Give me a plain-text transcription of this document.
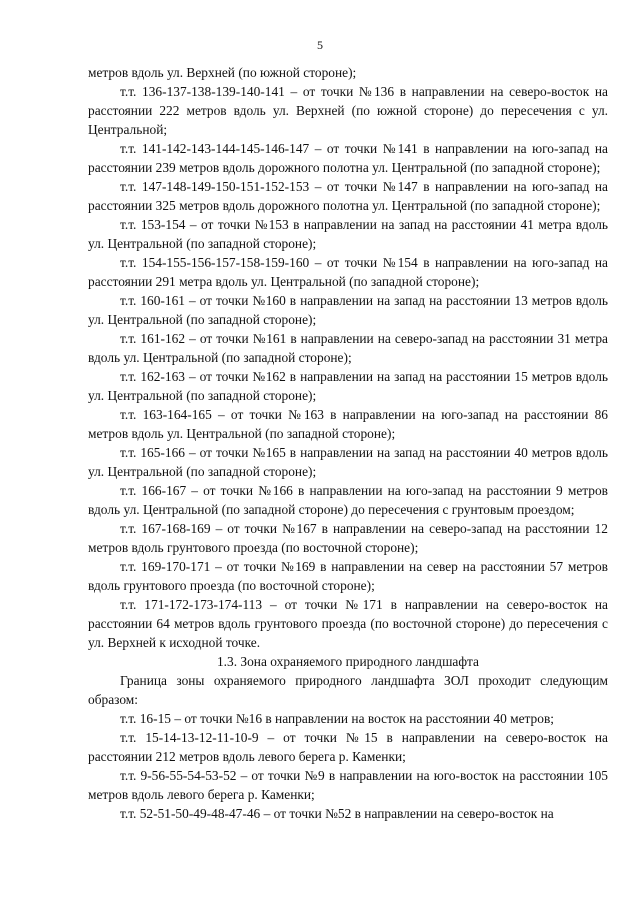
5

метров вдоль ул. Верхней (по южной стороне);

т.т. 136-137-138-139-140-141 – от точки №136 в направлении на северо-восток на расстоянии 222 метров вдоль ул. Верхней (по южной стороне) до пересечения с ул. Центральной;

т.т. 141-142-143-144-145-146-147 – от точки №141 в направлении на юго-запад на расстоянии 239 метров вдоль дорожного полотна ул. Центральной (по западной стороне);

т.т. 147-148-149-150-151-152-153 – от точки №147 в направлении на юго-запад на расстоянии 325 метров вдоль дорожного полотна ул. Центральной (по западной стороне);

т.т. 153-154 – от точки №153 в направлении на запад на расстоянии 41 метра вдоль ул. Центральной (по западной стороне);

т.т. 154-155-156-157-158-159-160 – от точки №154 в направлении на юго-запад на расстоянии 291 метра вдоль ул. Центральной (по западной стороне);

т.т. 160-161 – от точки №160 в направлении на запад на расстоянии 13 метров вдоль ул. Центральной (по западной стороне);

т.т. 161-162 – от точки №161 в направлении на северо-запад на расстоянии 31 метра вдоль ул. Центральной (по западной стороне);

т.т. 162-163 – от точки №162 в направлении на запад на расстоянии 15 метров вдоль ул. Центральной (по западной стороне);

т.т. 163-164-165 – от точки №163 в направлении на юго-запад на расстоянии 86 метров вдоль ул. Центральной (по западной стороне);

т.т. 165-166 – от точки №165 в направлении на запад на расстоянии 40 метров вдоль ул. Центральной (по западной стороне);

т.т. 166-167 – от точки №166 в направлении на юго-запад на расстоянии 9 метров вдоль ул. Центральной (по западной стороне) до пересечения с грунтовым проездом;

т.т. 167-168-169 – от точки №167 в направлении на северо-запад на расстоянии 12 метров вдоль грунтового проезда (по восточной стороне);

т.т. 169-170-171 – от точки №169 в направлении на север на расстоянии 57 метров вдоль грунтового проезда (по восточной стороне);

т.т. 171-172-173-174-113 – от точки №171 в направлении на северо-восток на расстоянии 64 метров вдоль грунтового проезда (по восточной стороне) до пересечения с ул. Верхней к исходной точке.

1.3. Зона охраняемого природного ландшафта

Граница зоны охраняемого природного ландшафта ЗОЛ проходит следующим образом:

т.т. 16-15 – от точки №16 в направлении на восток на расстоянии 40 метров;

т.т. 15-14-13-12-11-10-9 – от точки №15 в направлении на северо-восток на расстоянии 212 метров вдоль левого берега р. Каменки;

т.т. 9-56-55-54-53-52 – от точки №9 в направлении на юго-восток на расстоянии 105 метров вдоль левого берега р. Каменки;

т.т. 52-51-50-49-48-47-46 – от точки №52 в направлении на северо-восток на
